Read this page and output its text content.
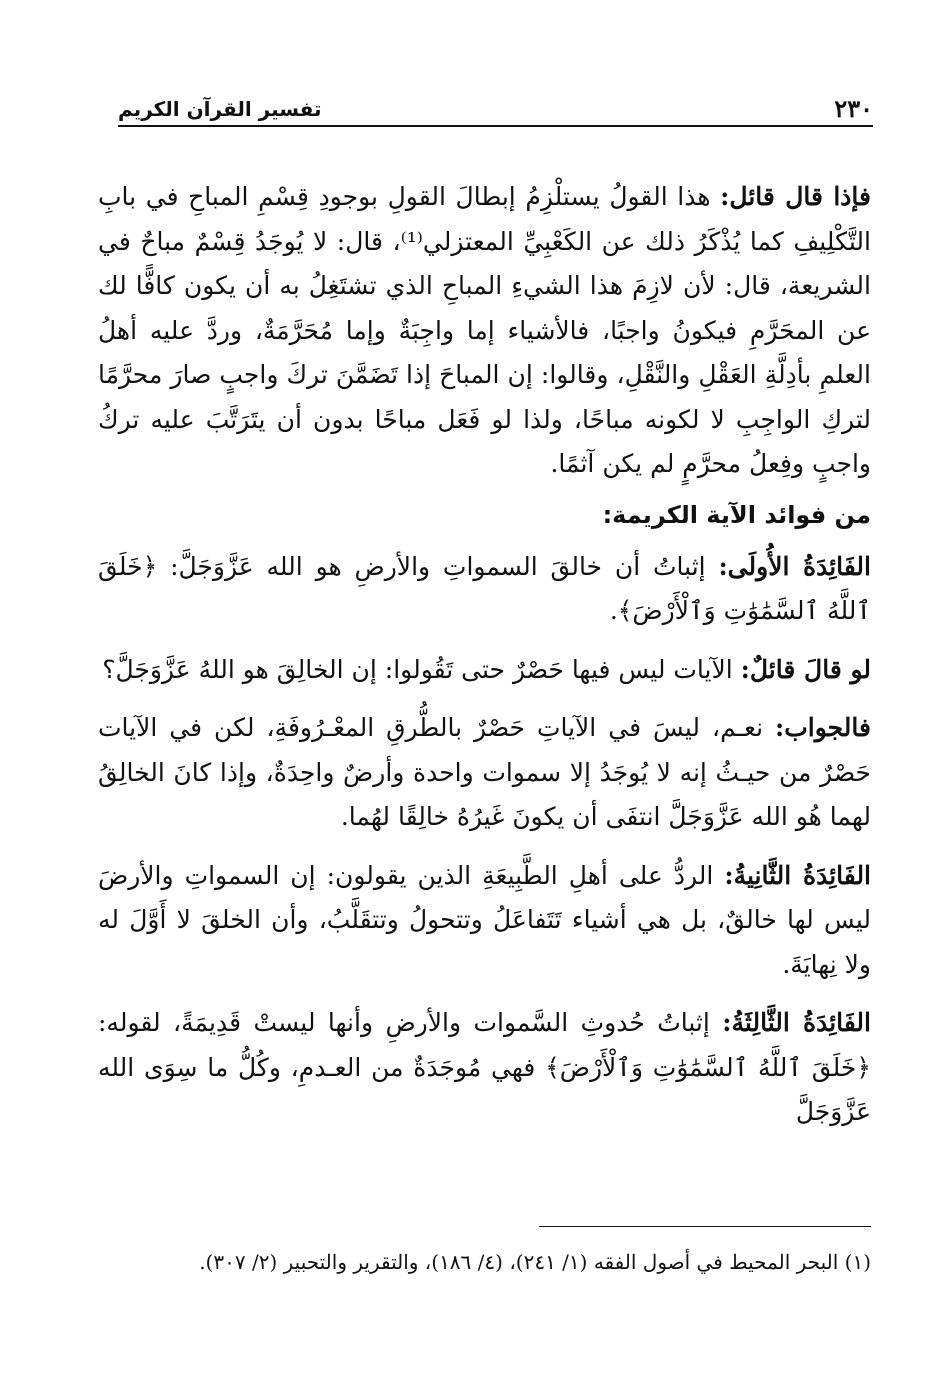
٢٣٠
تفسير القرآن الكريم

فإذا قال قائل: هذا القولُ يستلْزِمُ إبطالَ القولِ بوجودِ قِسْمِ المباحِ في بابِ التَّكْلِيفِ كما يُذْكَرُ ذلك عن الكَعْبِيِّ المعتزلي⁽¹⁾، قال: لا يُوجَدُ قِسْمٌ مباحٌ في الشريعة، قال: لأن لازِمَ هذا الشيءِ المباحِ الذي تشتَغِلُ به أن يكون كافًّا لك عن المحَرَّمِ فيكونُ واجبًا، فالأشياء إما واجِبَةٌ وإما مُحَرَّمَةٌ، وردَّ عليه أهلُ العلمِ بأدِلَّةِ العَقْلِ والنَّقْلِ، وقالوا: إن المباحَ إذا تَضَمَّنَ تركَ واجبٍ صارَ محرَّمًا لتركِ الواجِبِ لا لكونه مباحًا، ولذا لو فَعَل مباحًا بدون أن يتَرَتَّبَ عليه تركُ واجبٍ وفِعلُ محرَّمٍ لم يكن آثمًا.

من فوائد الآية الكريمة:

الفَائِدَةُ الأُولَى: إثباتُ أن خالقَ السمواتِ والأرضِ هو الله عَزَّوَجَلَّ: ﴿خَلَقَ ٱللَّهُ ٱلسَّمَٰوَٰتِ وَٱلْأَرْضَ﴾.

لو قالَ قائلٌ: الآيات ليس فيها حَصْرٌ حتى تَقُولوا: إن الخالِقَ هو اللهُ عَزَّوَجَلَّ؟

فالجواب: نعـم، ليسَ في الآياتِ حَصْرٌ بالطُّرقِ المعْـرُوفَةِ، لكن في الآيات حَصْرٌ من حيـثُ إنه لا يُوجَدُ إلا سموات واحدة وأرضٌ واحِدَةٌ، وإذا كانَ الخالِقُ لهما هُو الله عَزَّوَجَلَّ انتفَى أن يكونَ غَيرُهُ خالِقًا لهُما.

الفَائِدَةُ الثَّانِيةُ: الردُّ على أهلِ الطَّبِيعَةِ الذين يقولون: إن السمواتِ والأرضَ ليس لها خالقٌ، بل هي أشياء تَتَفاعَلُ وتتحولُ وتتقَلَّبُ، وأن الخلقَ لا أَوَّلَ له ولا نِهايَةَ.

الفَائِدَةُ الثَّالِثَةُ: إثباتُ حُدوثِ السَّموات والأرضِ وأنها ليستْ قَدِيمَةً، لقوله: ﴿خَلَقَ ٱللَّهُ ٱلسَّمَٰوَٰتِ وَٱلْأَرْضَ﴾ فهي مُوجَدَةٌ من العـدمِ، وكُلُّ ما سِوَى الله عَزَّوَجَلَّ

(١) البحر المحيط في أصول الفقه (١/ ٢٤١)، (٤/ ١٨٦)، والتقرير والتحبير (٢/ ٣٠٧).
